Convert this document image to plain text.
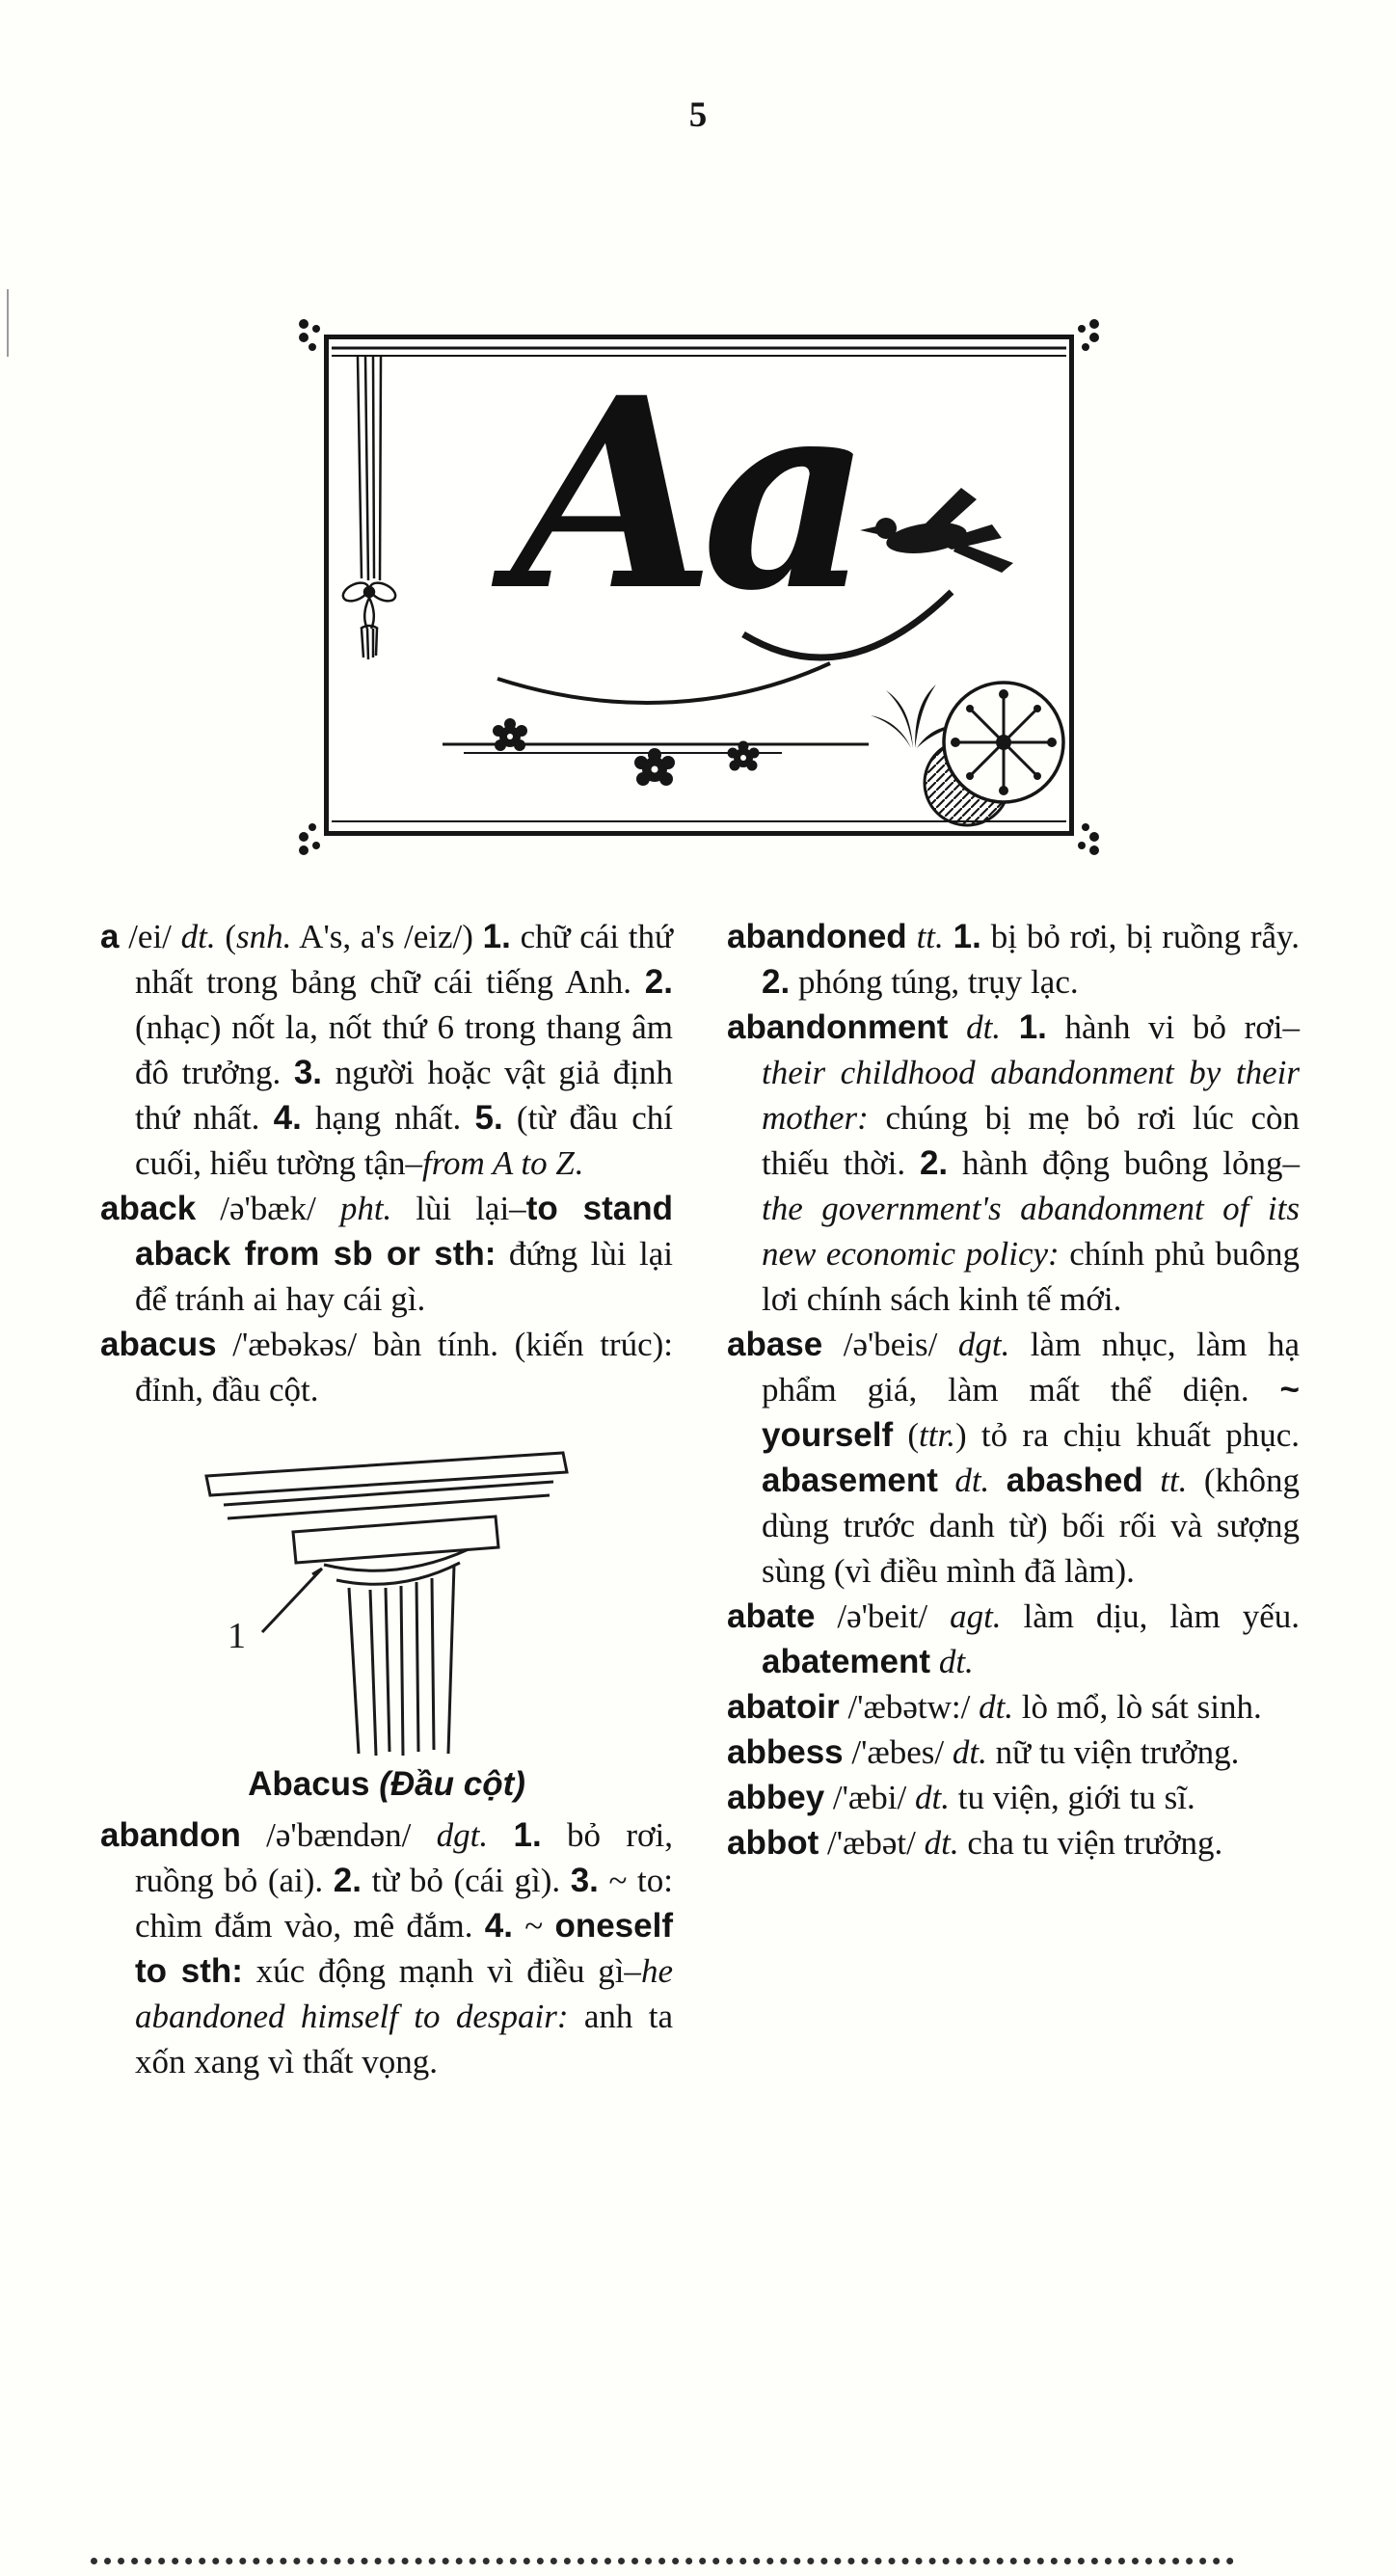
5
Aa

a /ei/ dt. (snh. A's, a's /eiz/) 1. chữ cái thứ nhất trong bảng chữ cái tiếng Anh. 2. (nhạc) nốt la, nốt thứ 6 trong thang âm đô trưởng. 3. người hoặc vật giả định thứ nhất. 4. hạng nhất. 5. (từ đầu chí cuối, hiểu tường tận–from A to Z.

aback /ə'bæk/ pht. lùi lại–to stand aback from sb or sth: đứng lùi lại để tránh ai hay cái gì.

abacus /'æbəkəs/ bàn tính. (kiến trúc): đỉnh, đầu cột.

1
Abacus (Đầu cột)

abandon /ə'bændən/ dgt. 1. bỏ rơi, ruồng bỏ (ai). 2. từ bỏ (cái gì). 3. ~ to: chìm đắm vào, mê đắm. 4. ~ oneself to sth: xúc động mạnh vì điều gì–he abandoned himself to despair: anh ta xốn xang vì thất vọng.

abandoned tt. 1. bị bỏ rơi, bị ruồng rẫy. 2. phóng túng, trụy lạc.

abandonment dt. 1. hành vi bỏ rơi–their childhood abandonment by their mother: chúng bị mẹ bỏ rơi lúc còn thiếu thời. 2. hành động buông lỏng–the government's abandonment of its new economic policy: chính phủ buông lơi chính sách kinh tế mới.

abase /ə'beis/ dgt. làm nhục, làm hạ phẩm giá, làm mất thể diện. ~ yourself (ttr.) tỏ ra chịu khuất phục. abasement dt. abashed tt. (không dùng trước danh từ) bối rối và sượng sùng (vì điều mình đã làm).

abate /ə'beit/ agt. làm dịu, làm yếu. abatement dt.

abatoir /'æbətw:/ dt. lò mổ, lò sát sinh.

abbess /'æbes/ dt. nữ tu viện trưởng.

abbey /'æbi/ dt. tu viện, giới tu sĩ.

abbot /'æbət/ dt. cha tu viện trưởng.
